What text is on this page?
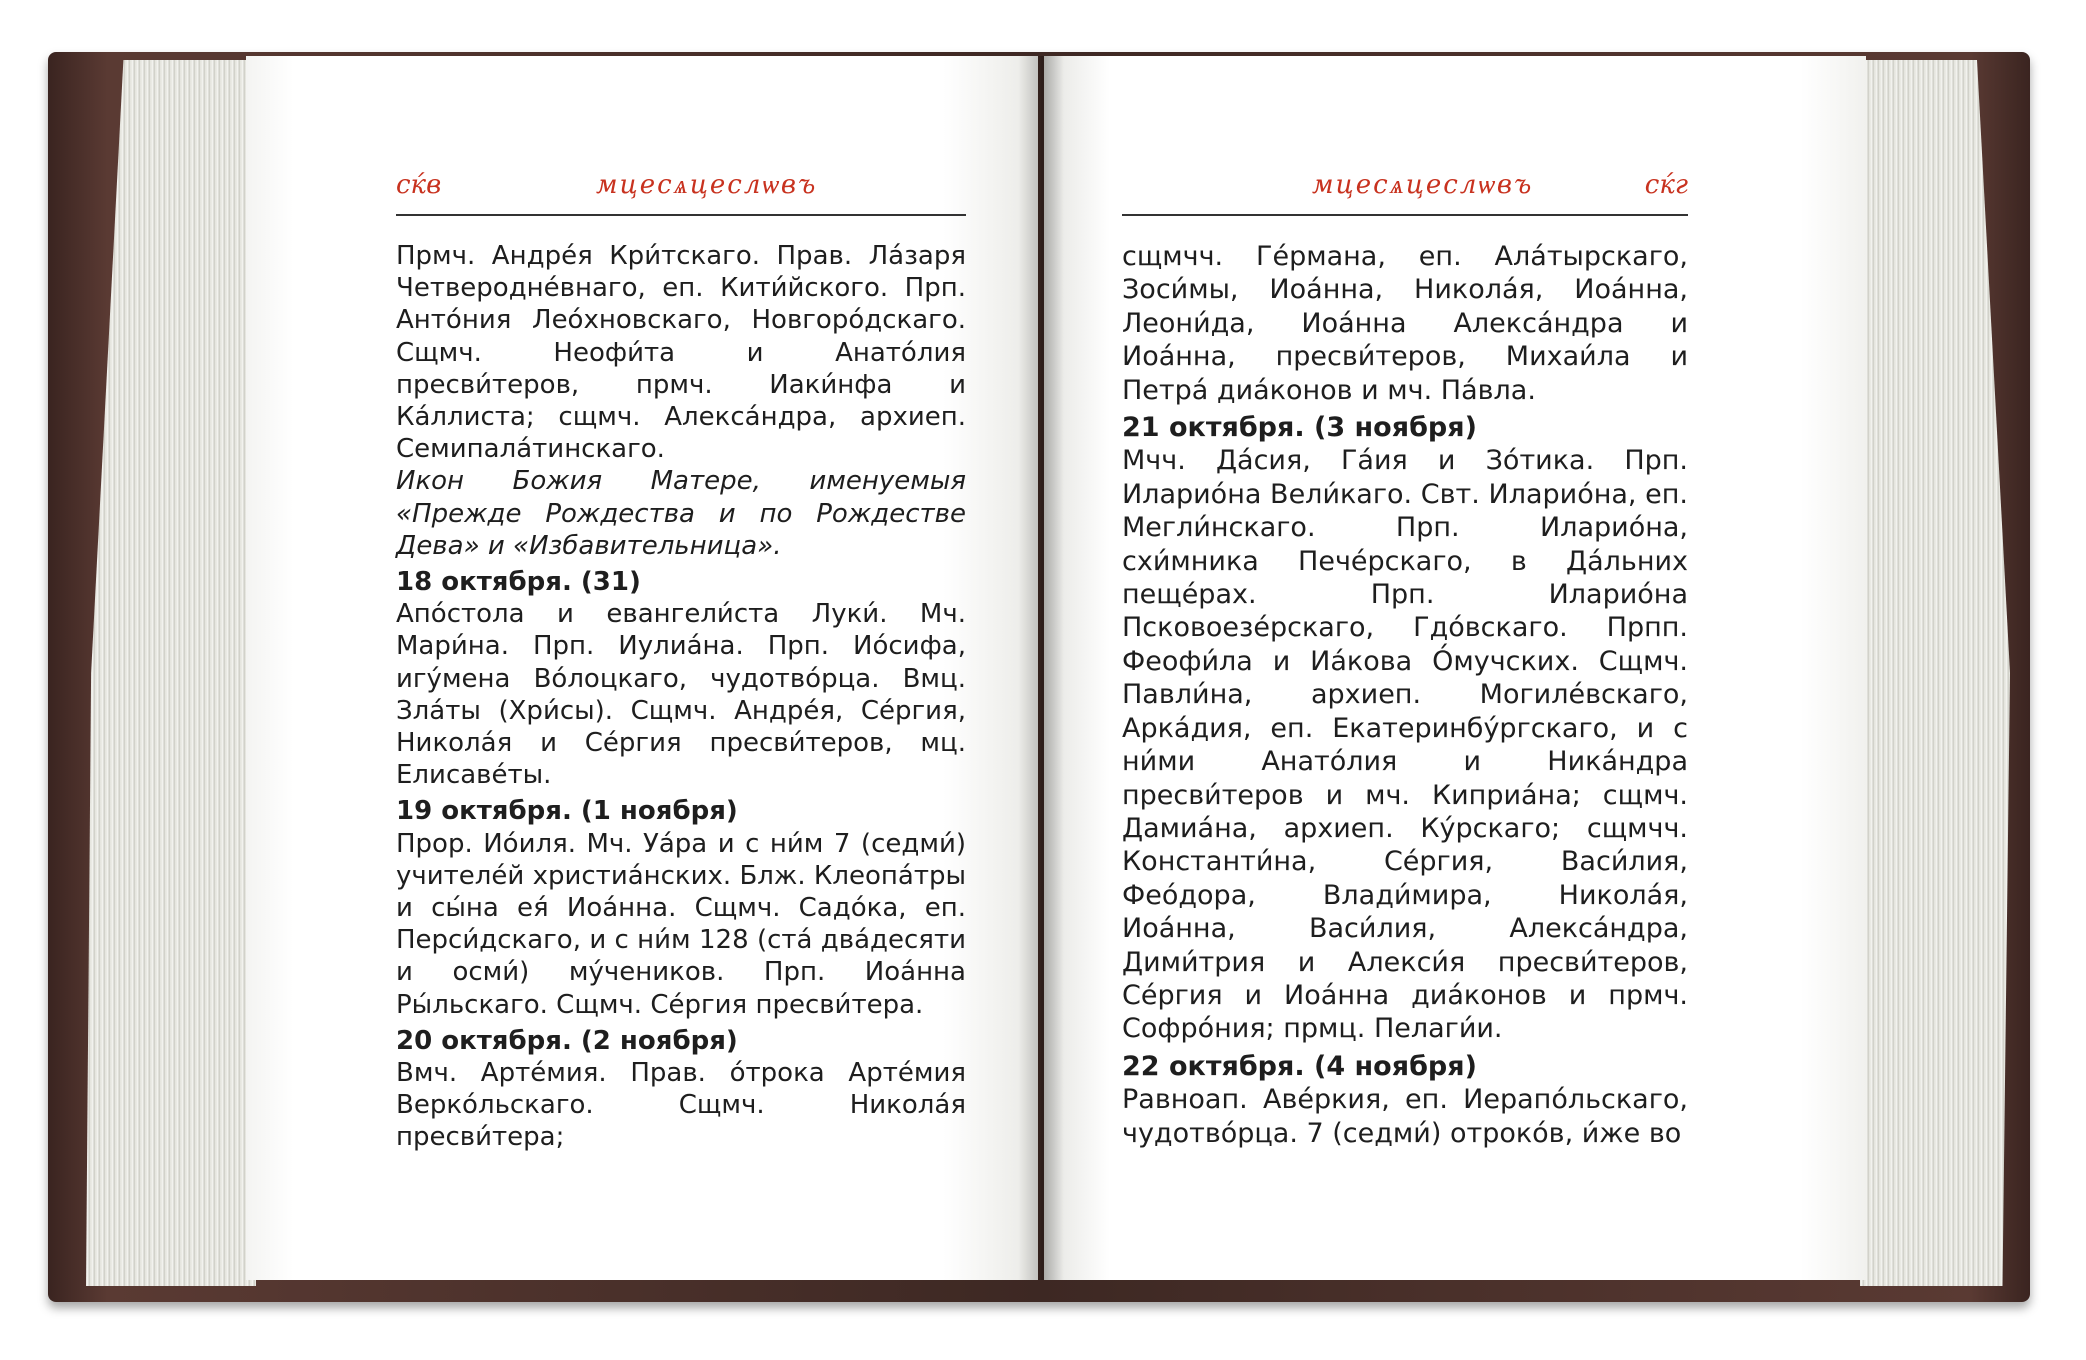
сќв	мцесѧцеслѡвъ

Прмч. Андре́я Кри́тскаго. Прав. Ла́заря Четвероднéвнаго, еп. Кити́йского. Прп. Антóния Леóхновскаго, Новгорóдскаго. Сщмч. Неофи́та и Анатóлия пресви́теров, прмч. Иаки́нфа и Ка́ллиста; сщмч. Алекса́ндра, архиеп. Семипала́тинскаго.

Икон Божия Матере, именуемыя «Прежде Рождества и по Рождестве Дева» и «Избавительница».

18 октября. (31)

Апóстола и евангели́ста Луки́. Мч. Мари́на. Прп. Иулиа́на. Прп. Иóсифа, игу́мена Вóлоцкаго, чудотвóрца. Вмц. Зла́ты (Хри́сы). Сщмч. Андре́я, Се́ргия, Никола́я и Се́ргия пресви́теров, мц. Елисаве́ты.

19 октября. (1 ноября)

Прор. Иóиля. Мч. Уа́ра и с ни́м 7 (седми́) учителе́й христиа́нских. Блж. Клеопа́тры и сы́на ея́ Иоа́нна. Сщмч. Садóка, еп. Перси́дскаго, и с ни́м 128 (ста́ два́десяти и осми́) му́чеников. Прп. Иоа́нна Ры́льскаго. Сщмч. Се́ргия пресви́тера.

20 октября. (2 ноября)

Вмч. Арте́мия. Прав. óтрока Арте́мия Веркóльскаго. Сщмч. Никола́я пресви́тера;

мцесѧцеслѡвъ	сќг

сщмчч. Ге́рмана, еп. Ала́тырскаго, Зоси́мы, Иоа́нна, Никола́я, Иоа́нна, Леони́да, Иоа́нна Алекса́ндра и Иоа́нна, пресви́теров, Михаи́ла и Петра́ диа́конов и мч. Па́вла.

21 октября. (3 ноября)

Мчч. Да́сия, Га́ия и Зо́тика. Прп. Иларио́на Вели́каго. Свт. Иларио́на, еп. Мегли́нскаго. Прп. Иларио́на, схи́мника Пече́рскаго, в Да́льних пеще́рах. Прп. Иларио́на Псковоезе́рскаго, Гдо́вскаго. Прпп. Феофи́ла и Иа́кова О́мучских. Сщмч. Павли́на, архиеп. Могиле́вскаго, Арка́дия, еп. Екатеринбу́ргскаго, и с ни́ми Анато́лия и Ника́ндра пресви́теров и мч. Киприа́на; сщмч. Дамиа́на, архиеп. Ку́рскаго; сщмчч. Константи́на, Се́ргия, Васи́лия, Фео́дора, Влади́мира, Никола́я, Иоа́нна, Васи́лия, Алекса́ндра, Дими́трия и Алекси́я пресви́теров, Се́ргия и Иоа́нна диа́конов и прмч. Софро́ния; прмц. Пелаги́и.

22 октября. (4 ноября)

Равноап. Аве́ркия, еп. Иерапо́льскаго, чудотво́рца. 7 (седми́) отроко́в, и́же во
